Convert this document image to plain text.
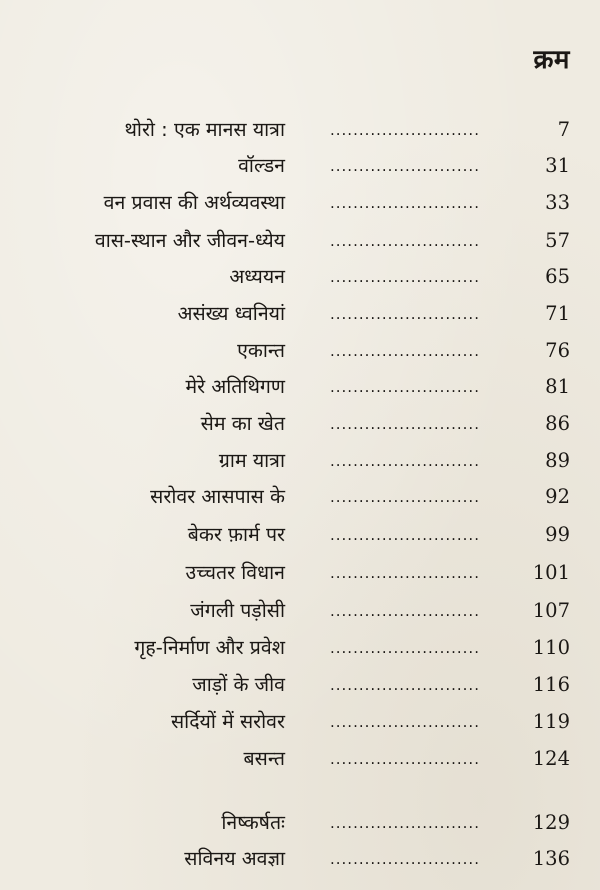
क्रम
थोरो : एक मानस यात्रा	..........................	7
वॉल्डन	..........................	31
वन प्रवास की अर्थव्यवस्था	..........................	33
वास-स्थान और जीवन-ध्येय	..........................	57
अध्ययन	..........................	65
असंख्य ध्वनियां	..........................	71
एकान्त	..........................	76
मेरे अतिथिगण	..........................	81
सेम का खेत	..........................	86
ग्राम यात्रा	..........................	89
सरोवर आसपास के	..........................	92
बेकर फ़ार्म पर	..........................	99
उच्चतर विधान	..........................	101
जंगली पड़ोसी	..........................	107
गृह-निर्माण और प्रवेश	..........................	110
जाड़ों के जीव	..........................	116
सर्दियों में सरोवर	..........................	119
बसन्त	..........................	124
निष्कर्षतः	..........................	129
सविनय अवज्ञा	..........................	136
